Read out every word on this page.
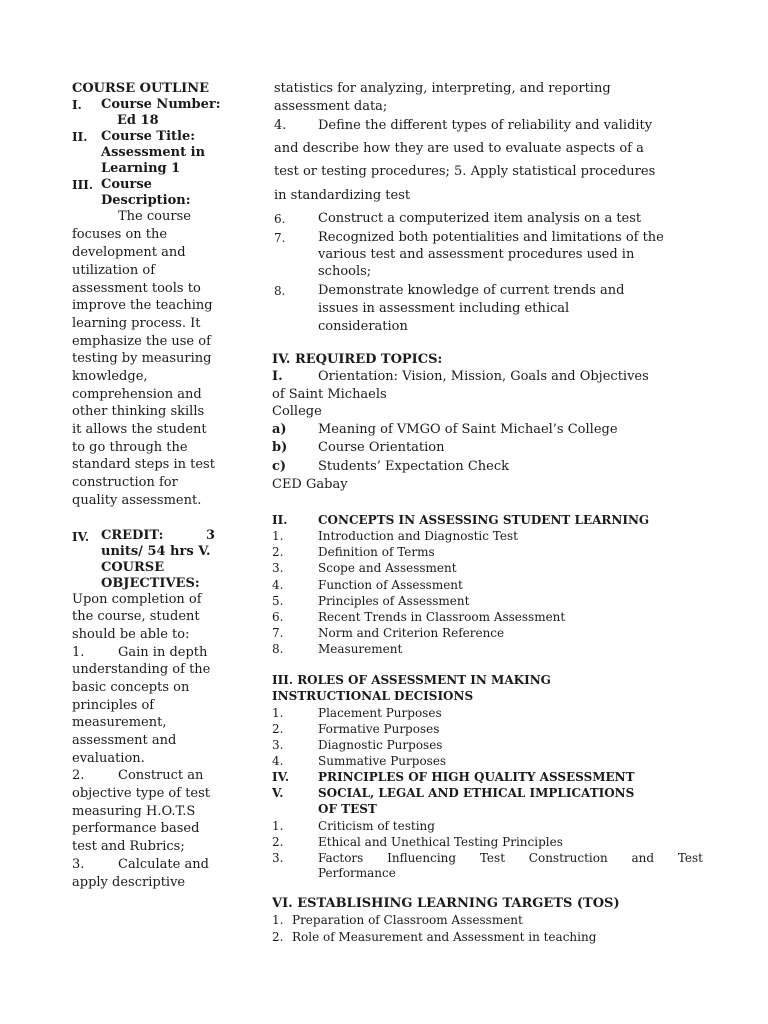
COURSE OUTLINE
I. Course Number:
Ed 18
II. Course Title:
Assessment in
Learning 1
III. Course
Description:
The course
focuses on the
development and
utilization of
assessment tools to
improve the teaching
learning process. It
emphasize the use of
testing by measuring
knowledge,
comprehension and
other thinking skills
it allows the student
to go through the
standard steps in test
construction for
quality assessment.
IV. CREDIT:	3
units/ 54 hrs V.
COURSE
OBJECTIVES:
Upon completion of
the course, student
should be able to:
1.	Gain in depth
understanding of the
basic concepts on
principles of
measurement,
assessment and
evaluation.
2.	Construct an
objective type of test
measuring H.O.T.S
performance based
test and Rubrics;
3.	Calculate and
apply descriptive
statistics for analyzing, interpreting, and reporting
assessment data;
4. Define the different types of reliability and validity
and describe how they are used to evaluate aspects of a
test or testing procedures; 5. Apply statistical procedures
in standardizing test
6.	Construct a computerized item analysis on a test
7.	Recognized both potentialities and limitations of the
various test and assessment procedures used in
schools;
8.	Demonstrate knowledge of current trends and
issues in assessment including ethical
consideration
IV. REQUIRED TOPICS:
I.	Orientation: Vision, Mission, Goals and Objectives
of Saint Michaels
College
a) Meaning of VMGO of Saint Michael’s College
b) Course Orientation
c) Students’ Expectation Check
CED Gabay
II.	CONCEPTS IN ASSESSING STUDENT LEARNING
1.	Introduction and Diagnostic Test
2.	Definition of Terms
3.	Scope and Assessment
4.	Function of Assessment
5.	Principles of Assessment
6.	Recent Trends in Classroom Assessment
7.	Norm and Criterion Reference
8.	Measurement
III. ROLES OF ASSESSMENT IN MAKING
INSTRUCTIONAL DECISIONS
1.	Placement Purposes
2.	Formative Purposes
3.	Diagnostic Purposes
4.	Summative Purposes
IV. PRINCIPLES OF HIGH QUALITY ASSESSMENT
V.	SOCIAL, LEGAL AND ETHICAL IMPLICATIONS
OF TEST
1.	Criticism of testing
2.	Ethical and Unethical Testing Principles
3.	Factors Influencing Test Construction and Test
Performance
VI. ESTABLISHING LEARNING TARGETS (TOS)
1. Preparation of Classroom Assessment
2. Role of Measurement and Assessment in teaching
